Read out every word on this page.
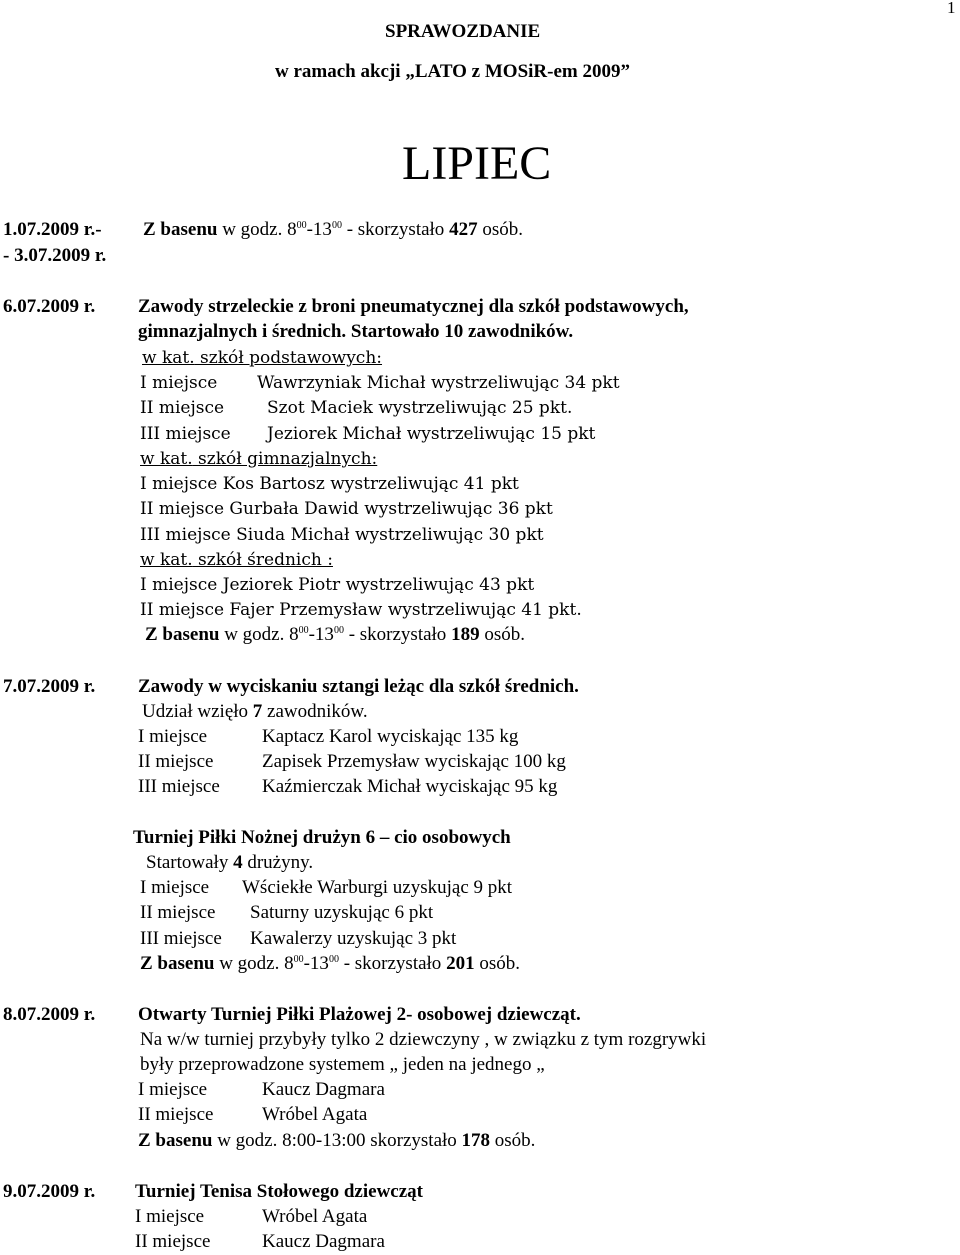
1
SPRAWOZDANIE
w ramach akcji „LATO z MOSiR-em 2009”
LIPIEC
1.07.2009 r.-
- 3.07.2009 r.
Z basenu w godz. $8^{00}-13^{00}$ - skorzystało 427 osób.
6.07.2009 r. Zawody strzeleckie z broni pneumatycznej dla szkół podstawowych,
gimnazjalnych i średnich. Startowało 10 zawodników.
w kat. szkół podstawowych:
I miejsce Wawrzyniak Michał wystrzeliwując 34 pkt
II miejsce	Szot Maciek wystrzeliwując 25 pkt.
III miejsce Jeziorek Michał wystrzeliwując 15 pkt
w kat. szkół gimnazjalnych:
I miejsce Kos Bartosz wystrzeliwując 41 pkt
II miejsce Gurbała Dawid wystrzeliwując 36 pkt
III miejsce Siuda Michał wystrzeliwując 30 pkt
w kat. szkół średnich :
I miejsce Jeziorek Piotr wystrzeliwując 43 pkt
II miejsce Fajer Przemysław wystrzeliwując 41 pkt.
Z basenu w godz. $8^{00}-13^{00}$ - skorzystało 189 osób.
7.07.2009 r. Zawody w wyciskaniu sztangi leżąc dla szkół średnich.
Udział wzięło 7 zawodników.
I miejsce	Kaptacz Karol wyciskając 135 kg
II miejsce	Zapisek Przemysław wyciskając 100 kg
III miejsce Kaźmierczak Michał wyciskając 95 kg
Turniej Piłki Nożnej drużyn 6 – cio osobowych
Startowały 4 drużyny.
I miejsce Wściekłe Warburgi uzyskując 9 pkt
II miejsce Saturny uzyskując 6 pkt
III miejsce Kawalerzy uzyskując 3 pkt
Z basenu w godz. $8^{00}-13^{00}$ - skorzystało 201 osób.
8.07.2009 r. Otwarty Turniej Piłki Plażowej 2- osobowej dziewcząt.
Na w/w turniej przybyły tylko 2 dziewczyny , w związku z tym rozgrywki
były przeprowadzone systemem „ jeden na jednego „
I miejsce	Kaucz Dagmara
II miejsce	Wróbel Agata
Z basenu w godz. 8:00-13:00 skorzystało 178 osób.
9.07.2009 r. Turniej Tenisa Stołowego dziewcząt
I miejsce	Wróbel Agata
II miejsce	Kaucz Dagmara
